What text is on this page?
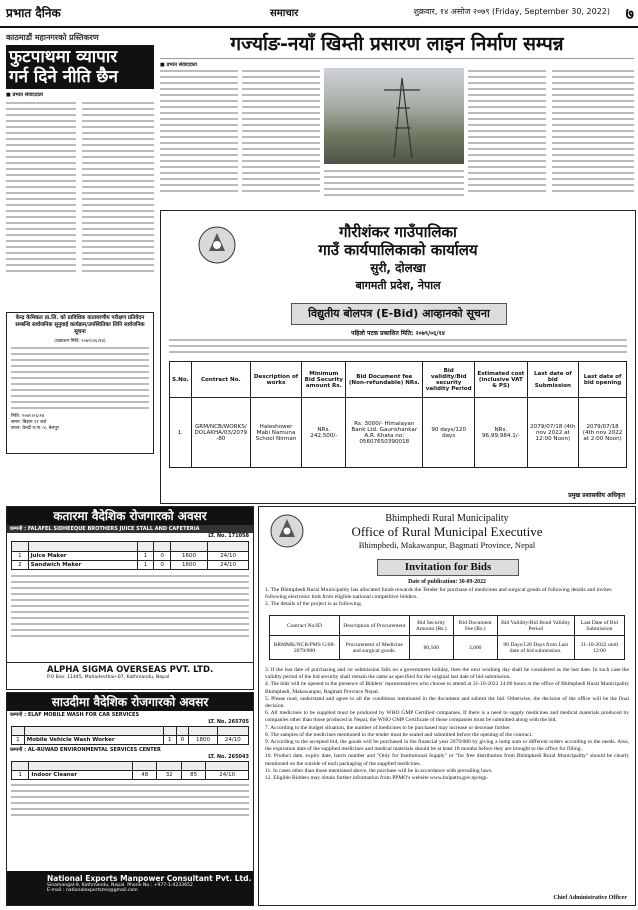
प्रभात दैनिक	समाचार	शुक्रवार, १४ असोज २०७९ (Friday, September 30, 2022) ७
काठमाडौं महानगरको प्रस्तिकरण
फुटपाथमा व्यापार
गर्न दिने नीति छैन
■ प्रभात संवाददाता
गर्ज्याङ-नयाँ खिम्ती प्रसारण लाइन निर्माण सम्पन्न
■ प्रभात संवाददाता
केन्द्र केमिकल प्रा.लि. को प्राविधिक वातावरणीय परीक्षण प्रतिवेदन सम्बन्धि सार्वजनिक सुनुवाई कार्यक्रम/उपस्थितिका लिनि सार्वजनिक सूचना
(प्रकाशन मिति: २०७९।०६।१४)
मिति: २०७९।०६।१४
समय: बिहान ११ बजे
स्थान: केन्द्री न.पा.-४, बेलपुर
गौरीशंकर गाउँपालिका
गाउँ कार्यपालिकाको कार्यालय
सुरी, दोलखा
बागमती प्रदेश, नेपाल
विद्युतीय बोलपत्र (E-Bid) आव्हानको सूचना
पहिलो पटक प्रकाशित मिति: २०७९/०६/१४
S.No.	Contract No.	Description of works	Minimum Bid Security amount Rs.	Bid Document fee (Non-refundable) NRs.	Bid validity/Bid security validity Period	Estimated cost (inclusive VAT & PS)	Last date of bid Submission	Last date of bid opening
1.	GRM/NCB/WORKS/DOLAKHA/03/2079-80	Haleshower Mabi Namuna School Nirman	NRs. 242,500/-	Rs. 3000/- Himalayan Bank Ltd. Gaurishankar A.R. Khata no: 05607650390018	90 days/120 days	NRs. 96,99,984.1/-	2079/07/18 (4th nov 2022 at 12:00 Noon)	2079/07/18 (4th nov 2022 at 2:00 Noon)
प्रमुख प्रशासकीय अधिकृत
कतारमा वैदेशिक रोजगारको अवसर
कम्पनी : FALAFEL SIDHEEQUE BROTHERS JUICE STALL AND CAFETERIA
LT. No. 171058

1	Juice Maker	1	0	1600	24/10
2	Sandwich Maker	1	0	1600	24/10
ALPHA SIGMA OVERSEAS PVT. LTD.
P.O Box: 11445, Mahadevthan-07, Kathmandu, Nepal
साउदीमा वैदेशिक रोजगारको अवसर
कम्पनी : ELAF MOBILE WASH FOR CAR SERVICES
LT. No. 265705

1	Mobile Vehicle Wash Worker	1	0	1800	24/10
कम्पनी : AL-RUWAD ENVIRONMENTAL SERVICES CENTER
LT. No. 265043

1	Indoor Cleaner	48	32	85	24/10
National Exports Manpower Consultant Pvt. Ltd.
Sinamangal-9, Kathmandu, Nepal. Phone No.: +977-1-4233652
E-mail : nationalexportsmn@gmail.com
Bhimphedi Rural Municipality
Office of Rural Municipal Executive
Bhimphedi, Makawanpur, Bagmati Province, Nepal
Invitation for Bids
Date of publication: 30-09-2022
1. The Bhimphedi Rural Municipality has allocated funds towards the Tender for purchase of medicines and surgical goods of following details and invites following electronic bids from eligible national competitive bidders.
2. The details of the project is as following.
Contract No/ID	Description of Procurement	Bid Security Amount (Rs.)	Bid Document Fee (Rs.)	Bid Validity/Bid Bond Validity Period	Last Date of Bid Submission
BRMMK/NCB/PMS G/08-2079/080	Procurement of Medicine and surgical goods.	80,500	3,000	90 Days/120 Days from Last date of bid submission.	31-10-2022 until 12:00
3. If the last date of purchasing and /or submission falls on a government holiday, then the next working day shall be considered as the last date. In such case the validity period of the bid security shall remain the same as specified for the original last date of bid submission.
4. The bids will be opened in the presence of Bidders' representatives who choose to attend at 31-10-2022 14:00 hours at the office of Bhimphedi Rural Municipality Bhimphedi, Makawanpur, Bagmati Province Nepal.
5. Please read, understand and agree to all the conditions mentioned in the document and submit the bid. Otherwise, the decision of the office will be the final decision.
6. All medicines to be supplied must be produced by WHO GMP Certified companies. If there is a need to supply medicines and medical materials produced by companies other than those produced in Nepal, the WHO GMP Certificate of those companies must be submitted along with the bid.
7. According to the budget situation, the number of medicines to be purchased may increase or decrease further.
8. The samples of the medicines mentioned in the tender must be sealed and submitted before the opening of the contract.
9. According to the accepted bid, the goods will be purchased in the financial year 2079/080 by giving a lump sum or different orders according to the needs. Also, the expiration date of the supplied medicines and medical materials should be at least 18 months before they are brought to the office for filling.
10. Product date, expiry date, batch number and "Only for Institutional Supply" or "for free distribution from Bhimphedi Rural Municipality" should be clearly mentioned on the outside of each packaging of the supplied medicines.
11. In cases other than those mentioned above, the purchase will be in accordance with prevailing laws.
12. Eligible Bidders may obtain further information from PPMO's website www.bolpatra.gov.np/egp.
Chief Administrative Officer
